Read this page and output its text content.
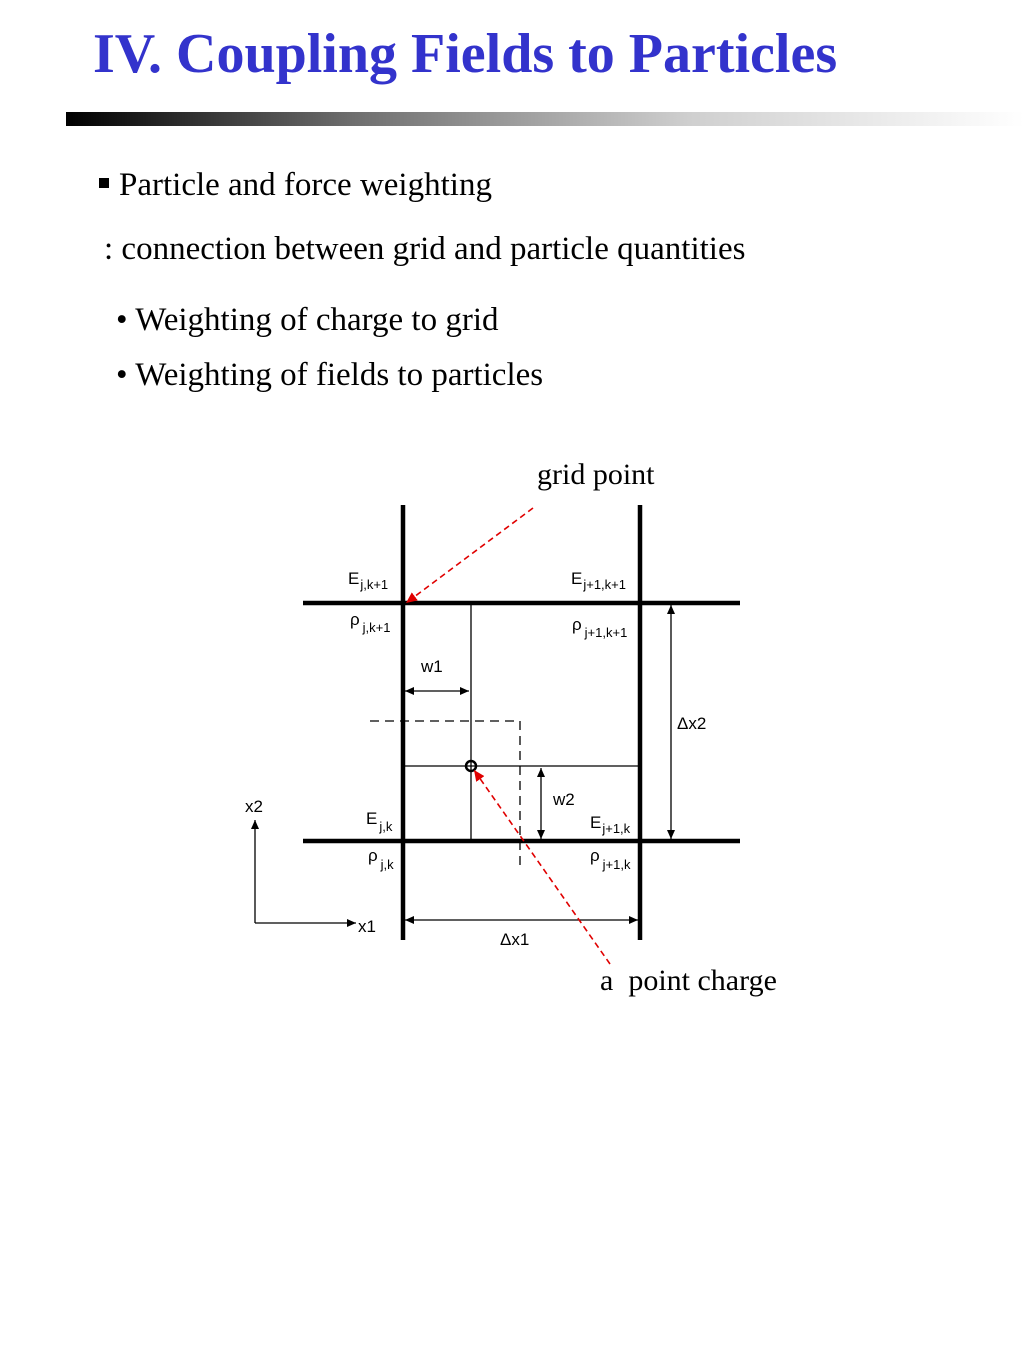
IV. Coupling Fields to Particles
Particle and force weighting
: connection between grid and particle quantities
• Weighting of charge to grid
• Weighting of fields to particles
w1
w2
Δx2
Δx1
x2
x1
$E_{j,k+1}$
ρ $_{j,k+1}$
$E_{j+1,k+1}$
ρ $_{j+1,k+1}$
E $_{j,k}$
ρ $_{j,k}$
$E_{j+1,k}$
ρ $_{j+1,k}$
grid point
a  point charge
